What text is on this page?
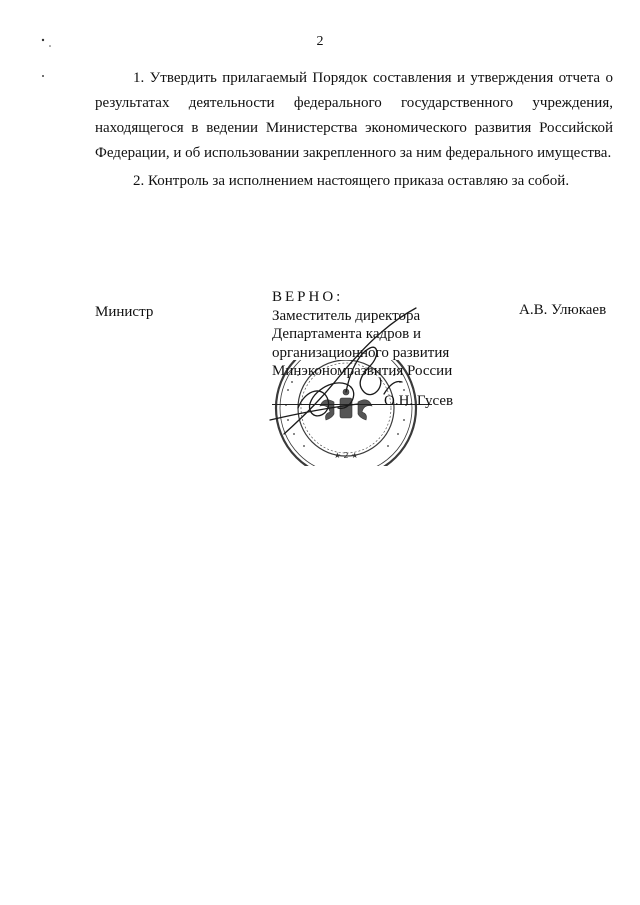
2

1. Утвердить прилагаемый Порядок составления и утверждения отчета о результатах деятельности федерального государственного учреждения, находящегося в ведении Министерства экономического развития Российской Федерации, и об использовании закрепленного за ним федерального имущества.

2. Контроль за исполнением настоящего приказа оставляю за собой.

Министр	А.В. Улюкаев
★ 2 ★
ВЕРНО:
Заместитель директора
Департамента кадров и
организационного развития
Минэкономразвития России
О.Н. Гусев
